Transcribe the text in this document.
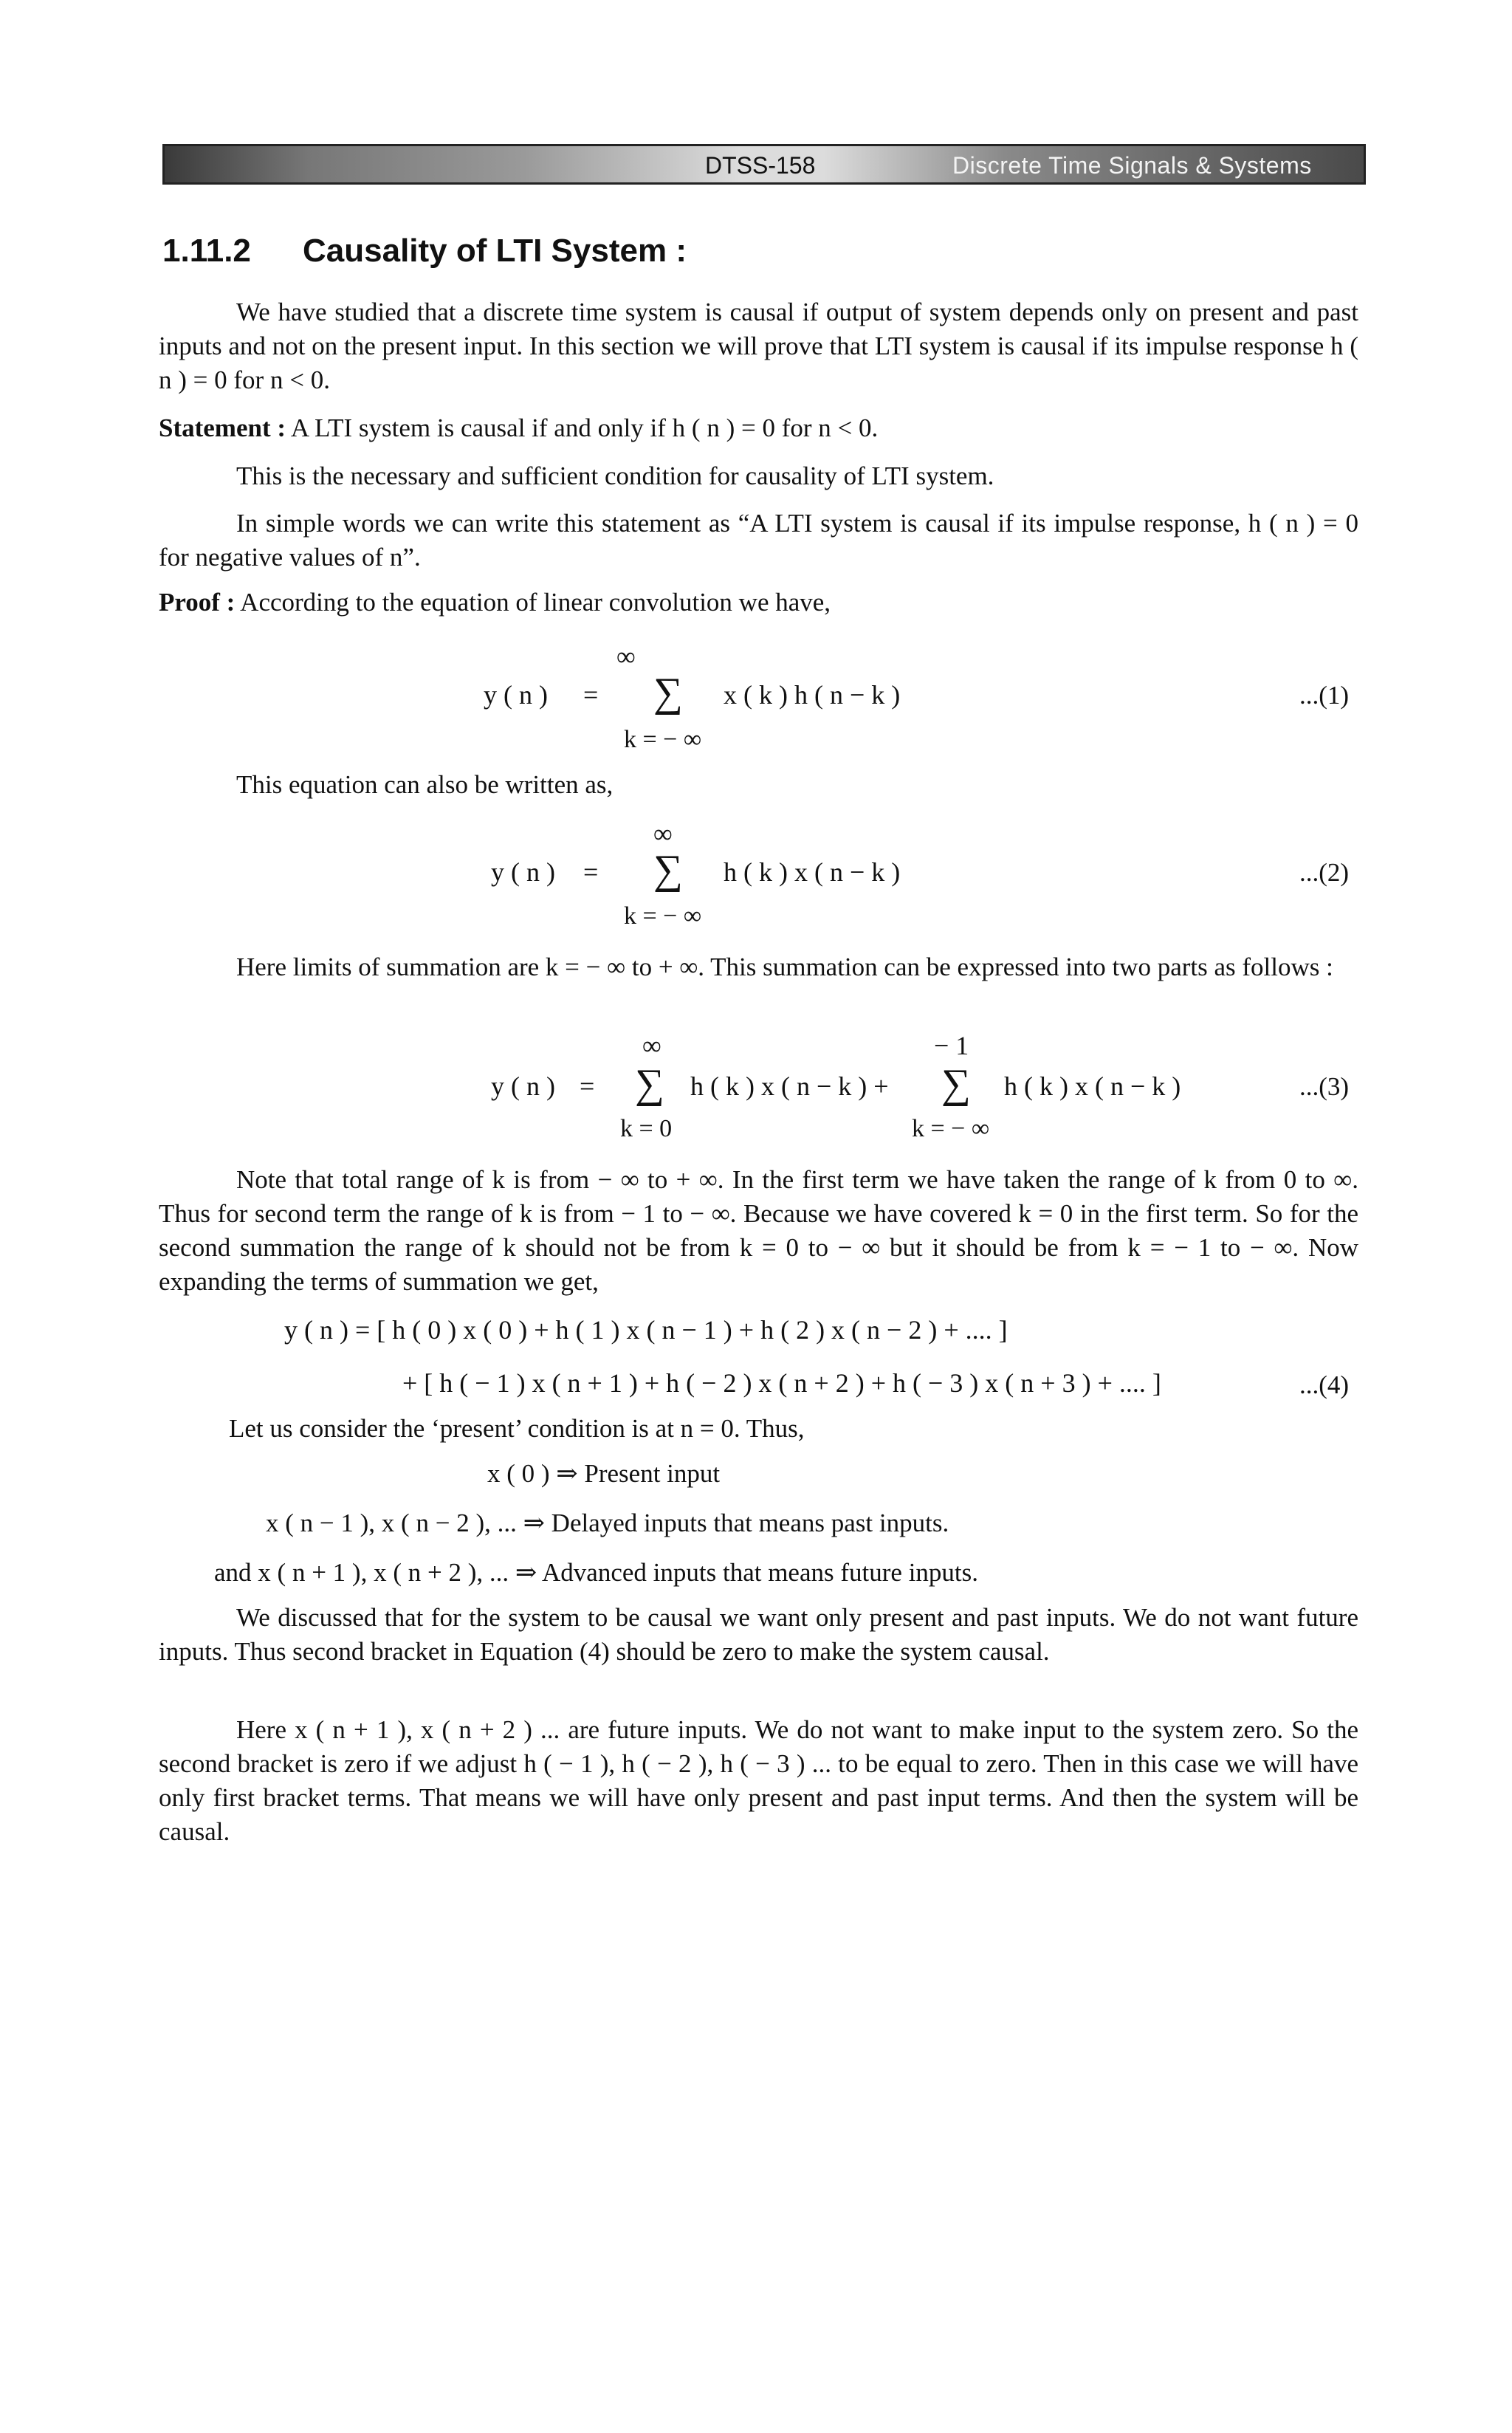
DTSS-158	Discrete Time Signals & Systems
1.11.2 Causality of LTI System :
We have studied that a discrete time system is causal if output of system depends only on present and past inputs and not on the present input. In this section we will prove that LTI system is causal if its impulse response h ( n ) = 0 for n < 0.
Statement : A LTI system is causal if and only if h ( n ) = 0 for n < 0.
This is the necessary and sufficient condition for causality of LTI system.
In simple words we can write this statement as “A LTI system is causal if its impulse response, h ( n ) = 0 for negative values of n”.
Proof : According to the equation of linear convolution we have,
∞
y ( n ) = ∑ x ( k ) h ( n − k )
k = − ∞
...(1)
This equation can also be written as,
∞
y ( n ) = ∑ h ( k ) x ( n − k )
k = − ∞
...(2)
Here limits of summation are k = − ∞ to + ∞. This summation can be expressed into two parts as follows :
∞	− 1
y ( n ) = ∑ h ( k ) x ( n − k ) + ∑ h ( k ) x ( n − k )
k = 0	k = − ∞
...(3)
Note that total range of k is from − ∞ to + ∞. In the first term we have taken the range of k from 0 to ∞. Thus for second term the range of k is from − 1 to − ∞. Because we have covered k = 0 in the first term. So for the second summation the range of k should not be from k = 0 to − ∞ but it should be from k = − 1 to − ∞. Now expanding the terms of summation we get,
y ( n ) = [ h ( 0 ) x ( 0 ) + h ( 1 ) x ( n − 1 ) + h ( 2 ) x ( n − 2 ) + .... ]
+ [ h ( − 1 ) x ( n + 1 ) + h ( − 2 ) x ( n + 2 ) + h ( − 3 ) x ( n + 3 ) + .... ]	...(4)
Let us consider the ‘present’ condition is at n = 0. Thus,
x ( 0 ) ⇒ Present input
x ( n − 1 ), x ( n − 2 ), ... ⇒ Delayed inputs that means past inputs.
and x ( n + 1 ), x ( n + 2 ), ... ⇒ Advanced inputs that means future inputs.
We discussed that for the system to be causal we want only present and past inputs. We do not want future inputs. Thus second bracket in Equation (4) should be zero to make the system causal.
Here x ( n + 1 ), x ( n + 2 ) ... are future inputs. We do not want to make input to the system zero. So the second bracket is zero if we adjust h ( − 1 ), h ( − 2 ), h ( − 3 ) ... to be equal to zero. Then in this case we will have only first bracket terms. That means we will have only present and past input terms. And then the system will be causal.
